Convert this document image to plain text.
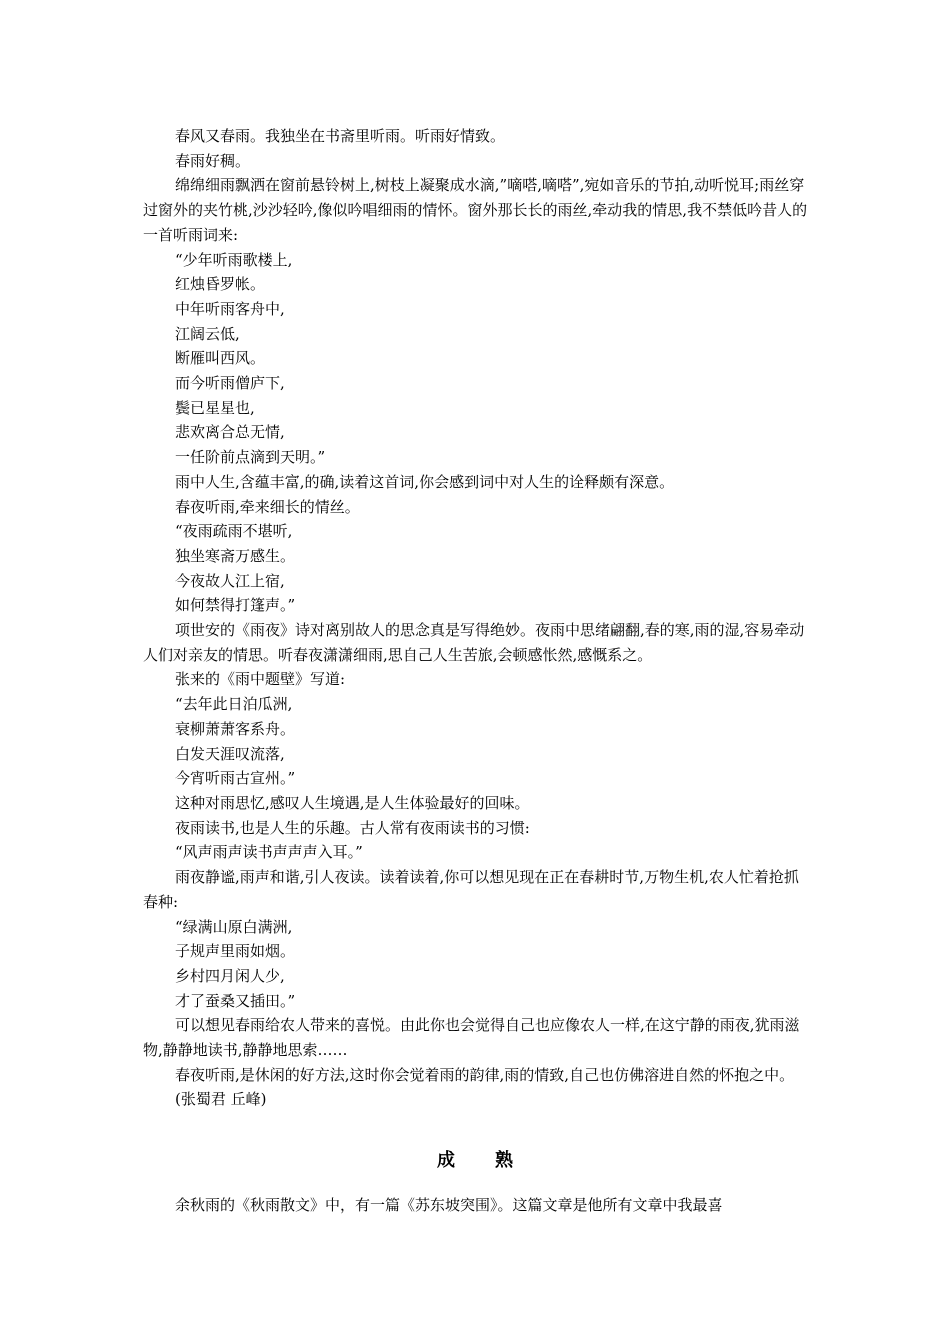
春风又春雨。我独坐在书斋里听雨。听雨好情致。

春雨好稠。

绵绵细雨飘洒在窗前悬铃树上,树枝上凝聚成水滴,”嘀嗒,嘀嗒”,宛如音乐的节拍,动听悦耳;雨丝穿过窗外的夹竹桃,沙沙轻吟,像似吟唱细雨的情怀。窗外那长长的雨丝,牵动我的情思,我不禁低吟昔人的一首听雨词来:

“少年听雨歌楼上,

红烛昏罗帐。

中年听雨客舟中,

江阔云低,

断雁叫西风。

而今听雨僧庐下,

鬓已星星也,

悲欢离合总无情,

一任阶前点滴到天明。”

雨中人生,含蕴丰富,的确,读着这首词,你会感到词中对人生的诠释颇有深意。

春夜听雨,牵来细长的情丝。

“夜雨疏雨不堪听,

独坐寒斋万感生。

今夜故人江上宿,

如何禁得打篷声。”

项世安的《雨夜》诗对离别故人的思念真是写得绝妙。夜雨中思绪翩翻,春的寒,雨的湿,容易牵动人们对亲友的情思。听春夜潇潇细雨,思自己人生苦旅,会顿感怅然,感慨系之。

张来的《雨中题壁》写道:

“去年此日泊瓜洲,

衰柳萧萧客系舟。

白发天涯叹流落,

今宵听雨古宣州。”

这种对雨思忆,感叹人生境遇,是人生体验最好的回味。

夜雨读书,也是人生的乐趣。古人常有夜雨读书的习惯:

“风声雨声读书声声声入耳。”

雨夜静谧,雨声和谐,引人夜读。读着读着,你可以想见现在正在春耕时节,万物生机,农人忙着抢抓春种:

“绿满山原白满洲,

子规声里雨如烟。

乡村四月闲人少,

才了蚕桑又插田。”

可以想见春雨给农人带来的喜悦。由此你也会觉得自己也应像农人一样,在这宁静的雨夜,犹雨滋物,静静地读书,静静地思索……

春夜听雨,是休闲的好方法,这时你会觉着雨的韵律,雨的情致,自己也仿佛溶进自然的怀抱之中。

(张蜀君 丘峰)

成 熟
余秋雨的《秋雨散文》中，有一篇《苏东坡突围》。这篇文章是他所有文章中我最喜
